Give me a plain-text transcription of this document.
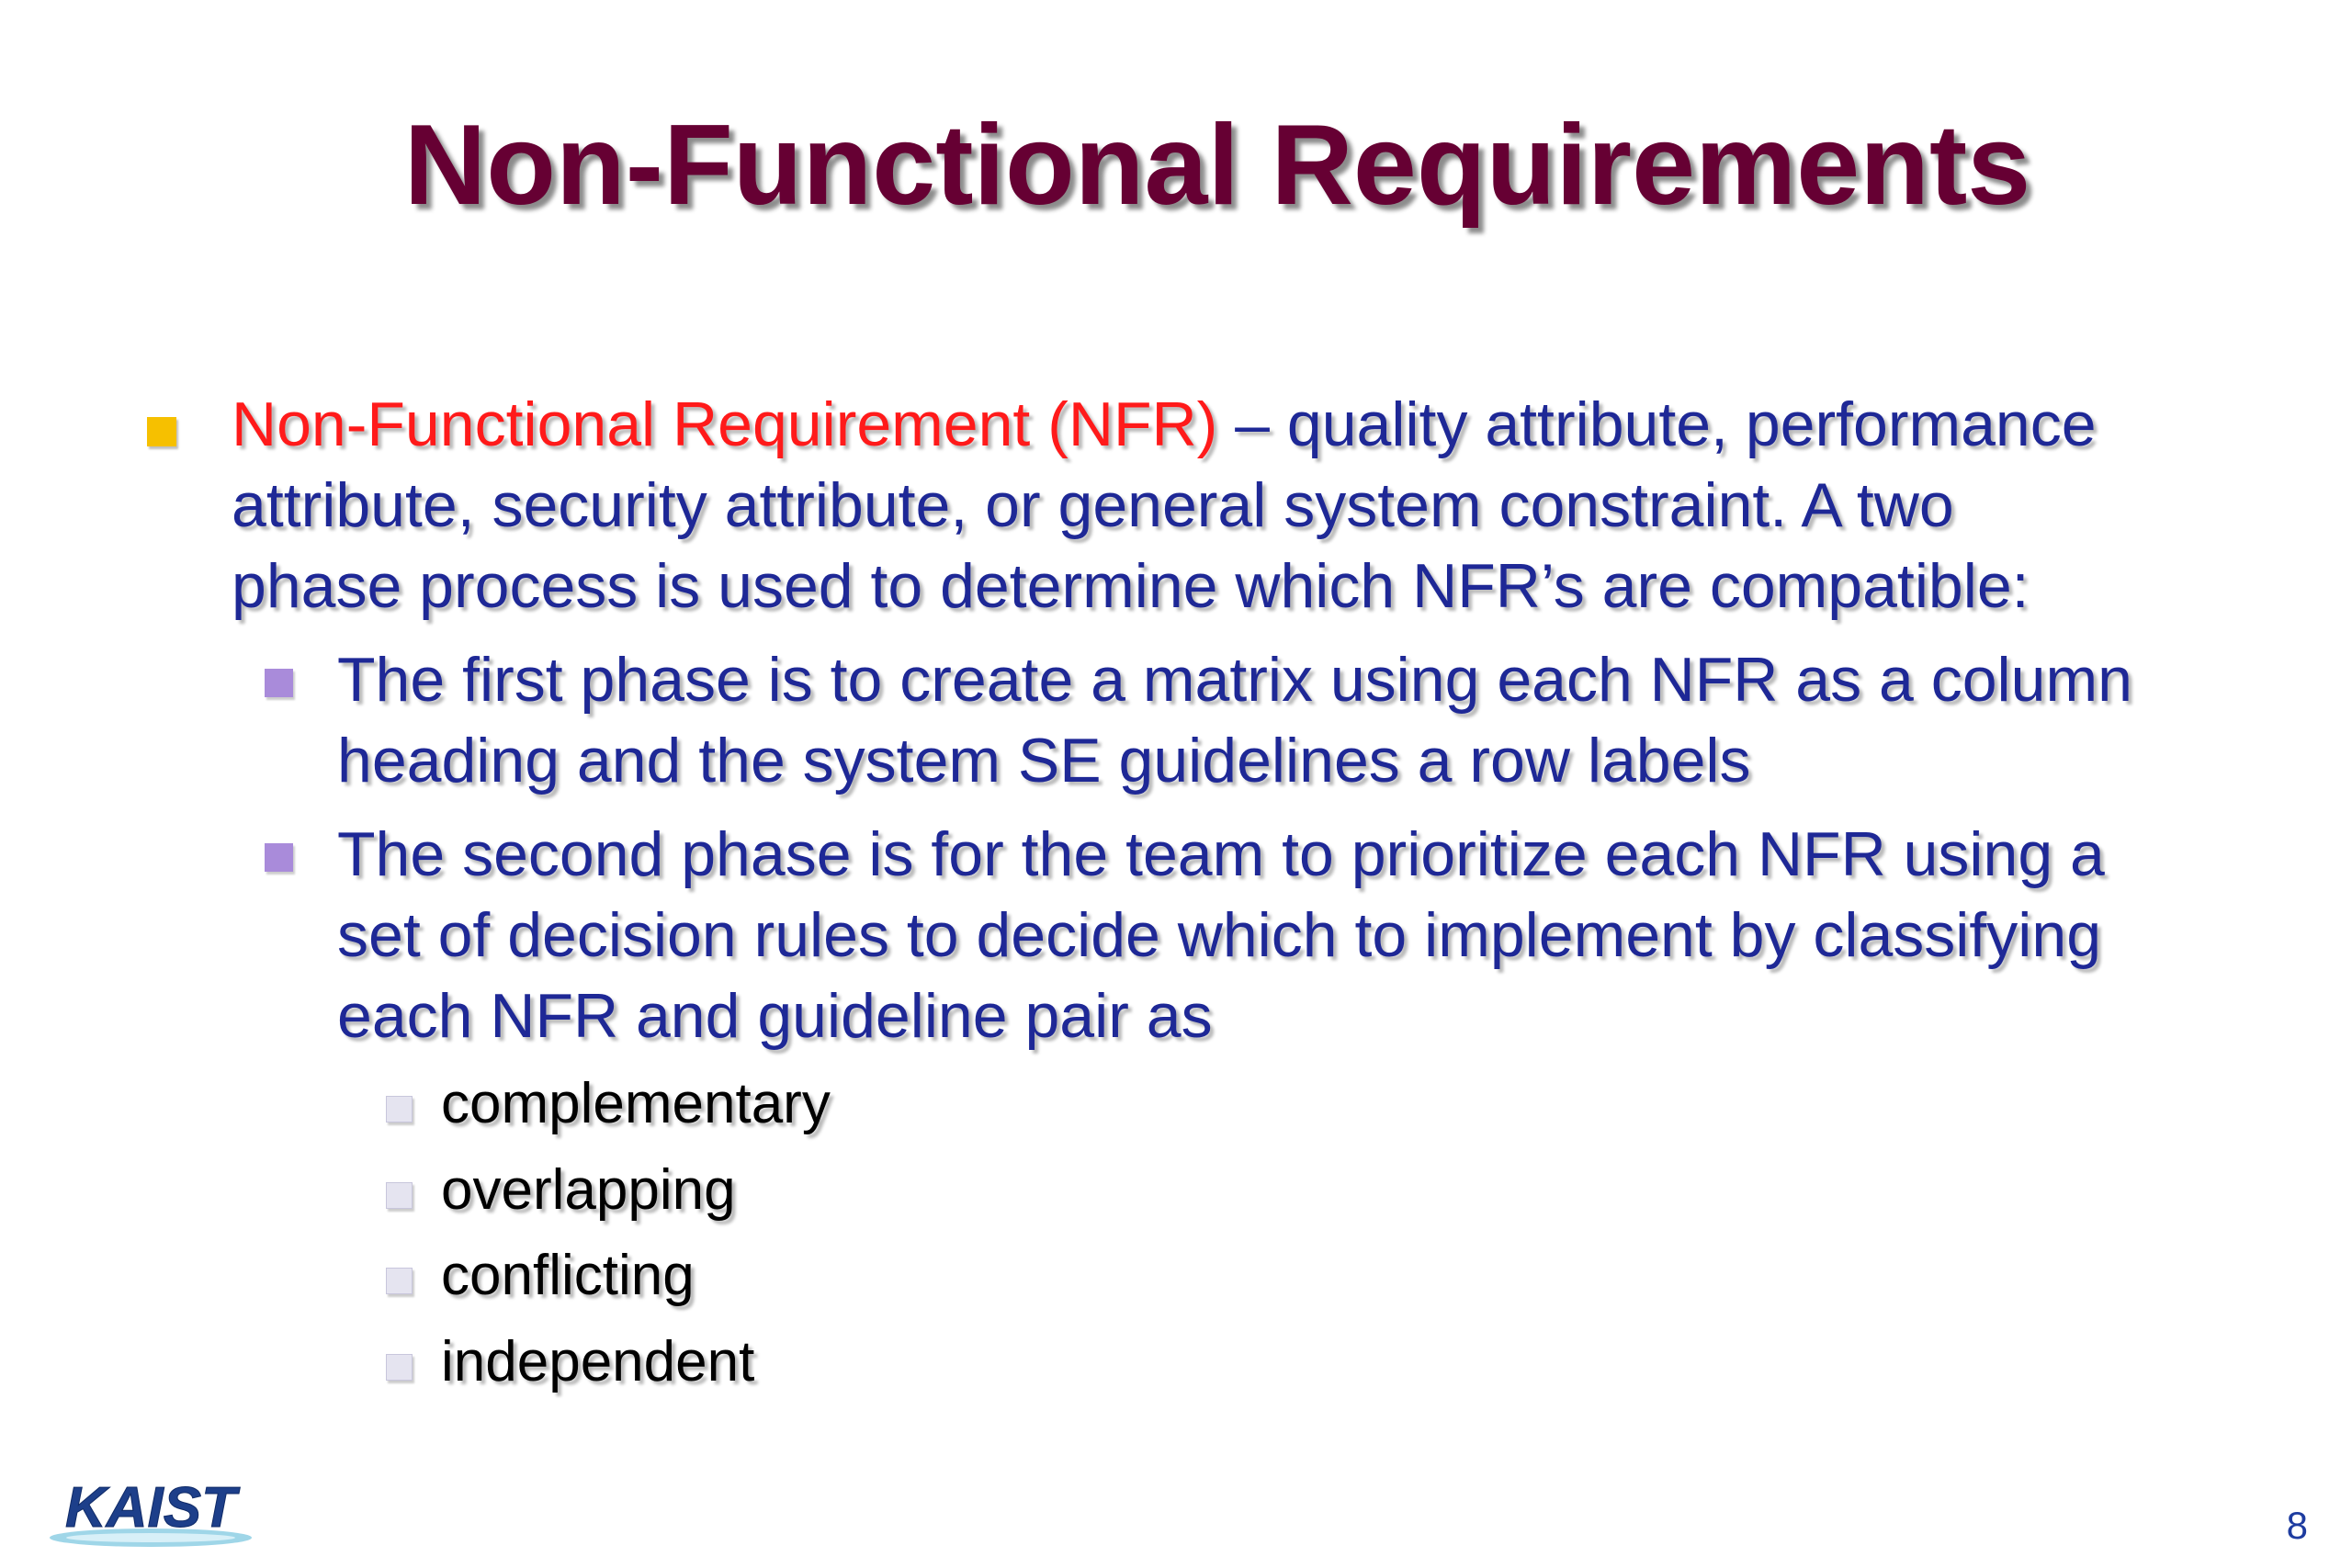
Non-Functional Requirements
Non-Functional Requirement (NFR) – quality attribute, performance
attribute, security attribute, or general system constraint. A two
phase process is used to determine which NFR’s are compatible:
The first phase is to create a matrix using each NFR as a column
heading and the system SE guidelines a row labels
The second phase is for the team to prioritize each NFR using a
set of decision rules to decide which to implement by classifying
each NFR and guideline pair as
complementary
overlapping
conflicting
independent
KAIST	8
